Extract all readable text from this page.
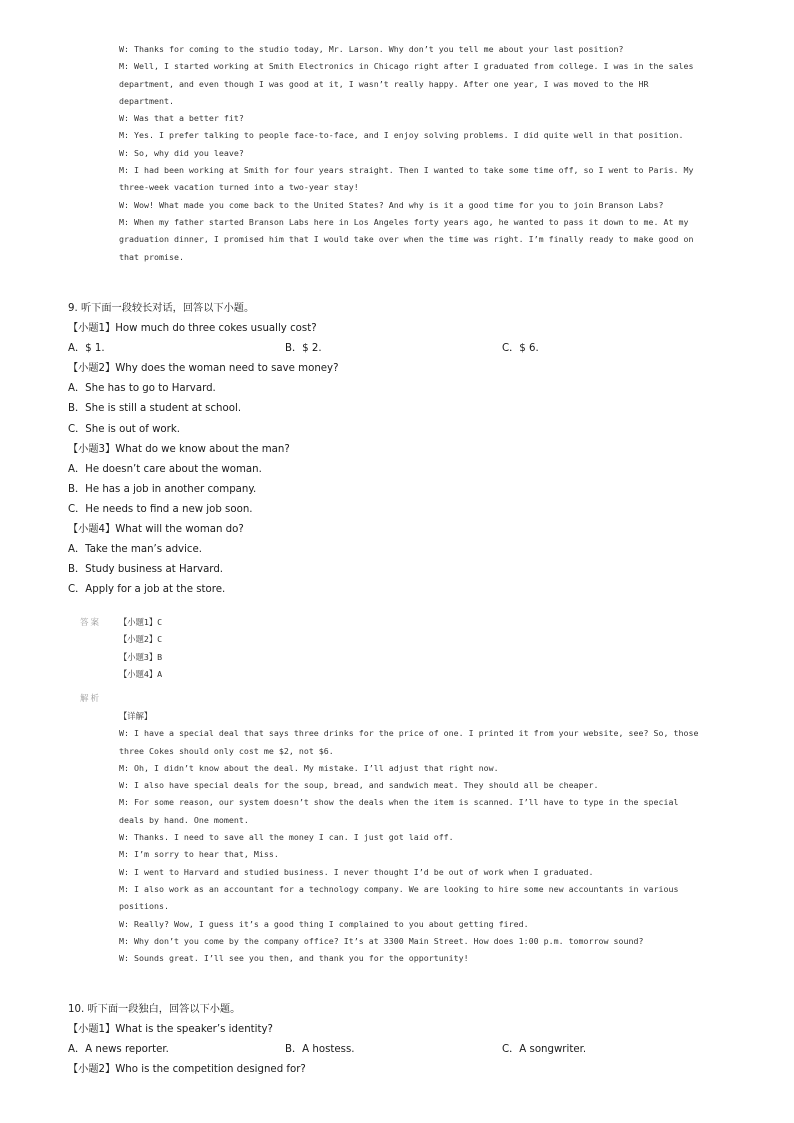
W: Thanks for coming to the studio today, Mr. Larson. Why don’t you tell me about your last position?
M: Well, I started working at Smith Electronics in Chicago right after I graduated from college. I was in the sales
department, and even though I was good at it, I wasn’t really happy. After one year, I was moved to the HR
department.
W: Was that a better fit?
M: Yes. I prefer talking to people face-to-face, and I enjoy solving problems. I did quite well in that position.
W: So, why did you leave?
M: I had been working at Smith for four years straight. Then I wanted to take some time off, so I went to Paris. My
three-week vacation turned into a two-year stay!
W: Wow! What made you come back to the United States? And why is it a good time for you to join Branson Labs?
M: When my father started Branson Labs here in Los Angeles forty years ago, he wanted to pass it down to me. At my
graduation dinner, I promised him that I would take over when the time was right. I’m finally ready to make good on
that promise.
9. 听下面一段较长对话，回答以下小题。
【小题1】How much do three cokes usually cost?
A．$ 1.	B．$ 2.	C．$ 6.
【小题2】Why does the woman need to save money?
A．She has to go to Harvard.
B．She is still a student at school.
C．She is out of work.
【小题3】What do we know about the man?
A．He doesn’t care about the woman.
B．He has a job in another company.
C．He needs to find a new job soon.
【小题4】What will the woman do?
A．Take the man’s advice.
B．Study business at Harvard.
C．Apply for a job at the store.
答案 【小题1】C
【小题2】C
【小题3】B
【小题4】A
解析
【详解】
W: I have a special deal that says three drinks for the price of one. I printed it from your website, see? So, those
three Cokes should only cost me $2, not $6.
M: Oh, I didn’t know about the deal. My mistake. I’ll adjust that right now.
W: I also have special deals for the soup, bread, and sandwich meat. They should all be cheaper.
M: For some reason, our system doesn’t show the deals when the item is scanned. I’ll have to type in the special
deals by hand. One moment.
W: Thanks. I need to save all the money I can. I just got laid off.
M: I’m sorry to hear that, Miss.
W: I went to Harvard and studied business. I never thought I’d be out of work when I graduated.
M: I also work as an accountant for a technology company. We are looking to hire some new accountants in various
positions.
W: Really? Wow, I guess it’s a good thing I complained to you about getting fired.
M: Why don’t you come by the company office? It’s at 3300 Main Street. How does 1:00 p.m. tomorrow sound?
W: Sounds great. I’ll see you then, and thank you for the opportunity!
10. 听下面一段独白，回答以下小题。
【小题1】What is the speaker’s identity?
A．A news reporter.	B．A hostess.	C．A songwriter.
【小题2】Who is the competition designed for?
